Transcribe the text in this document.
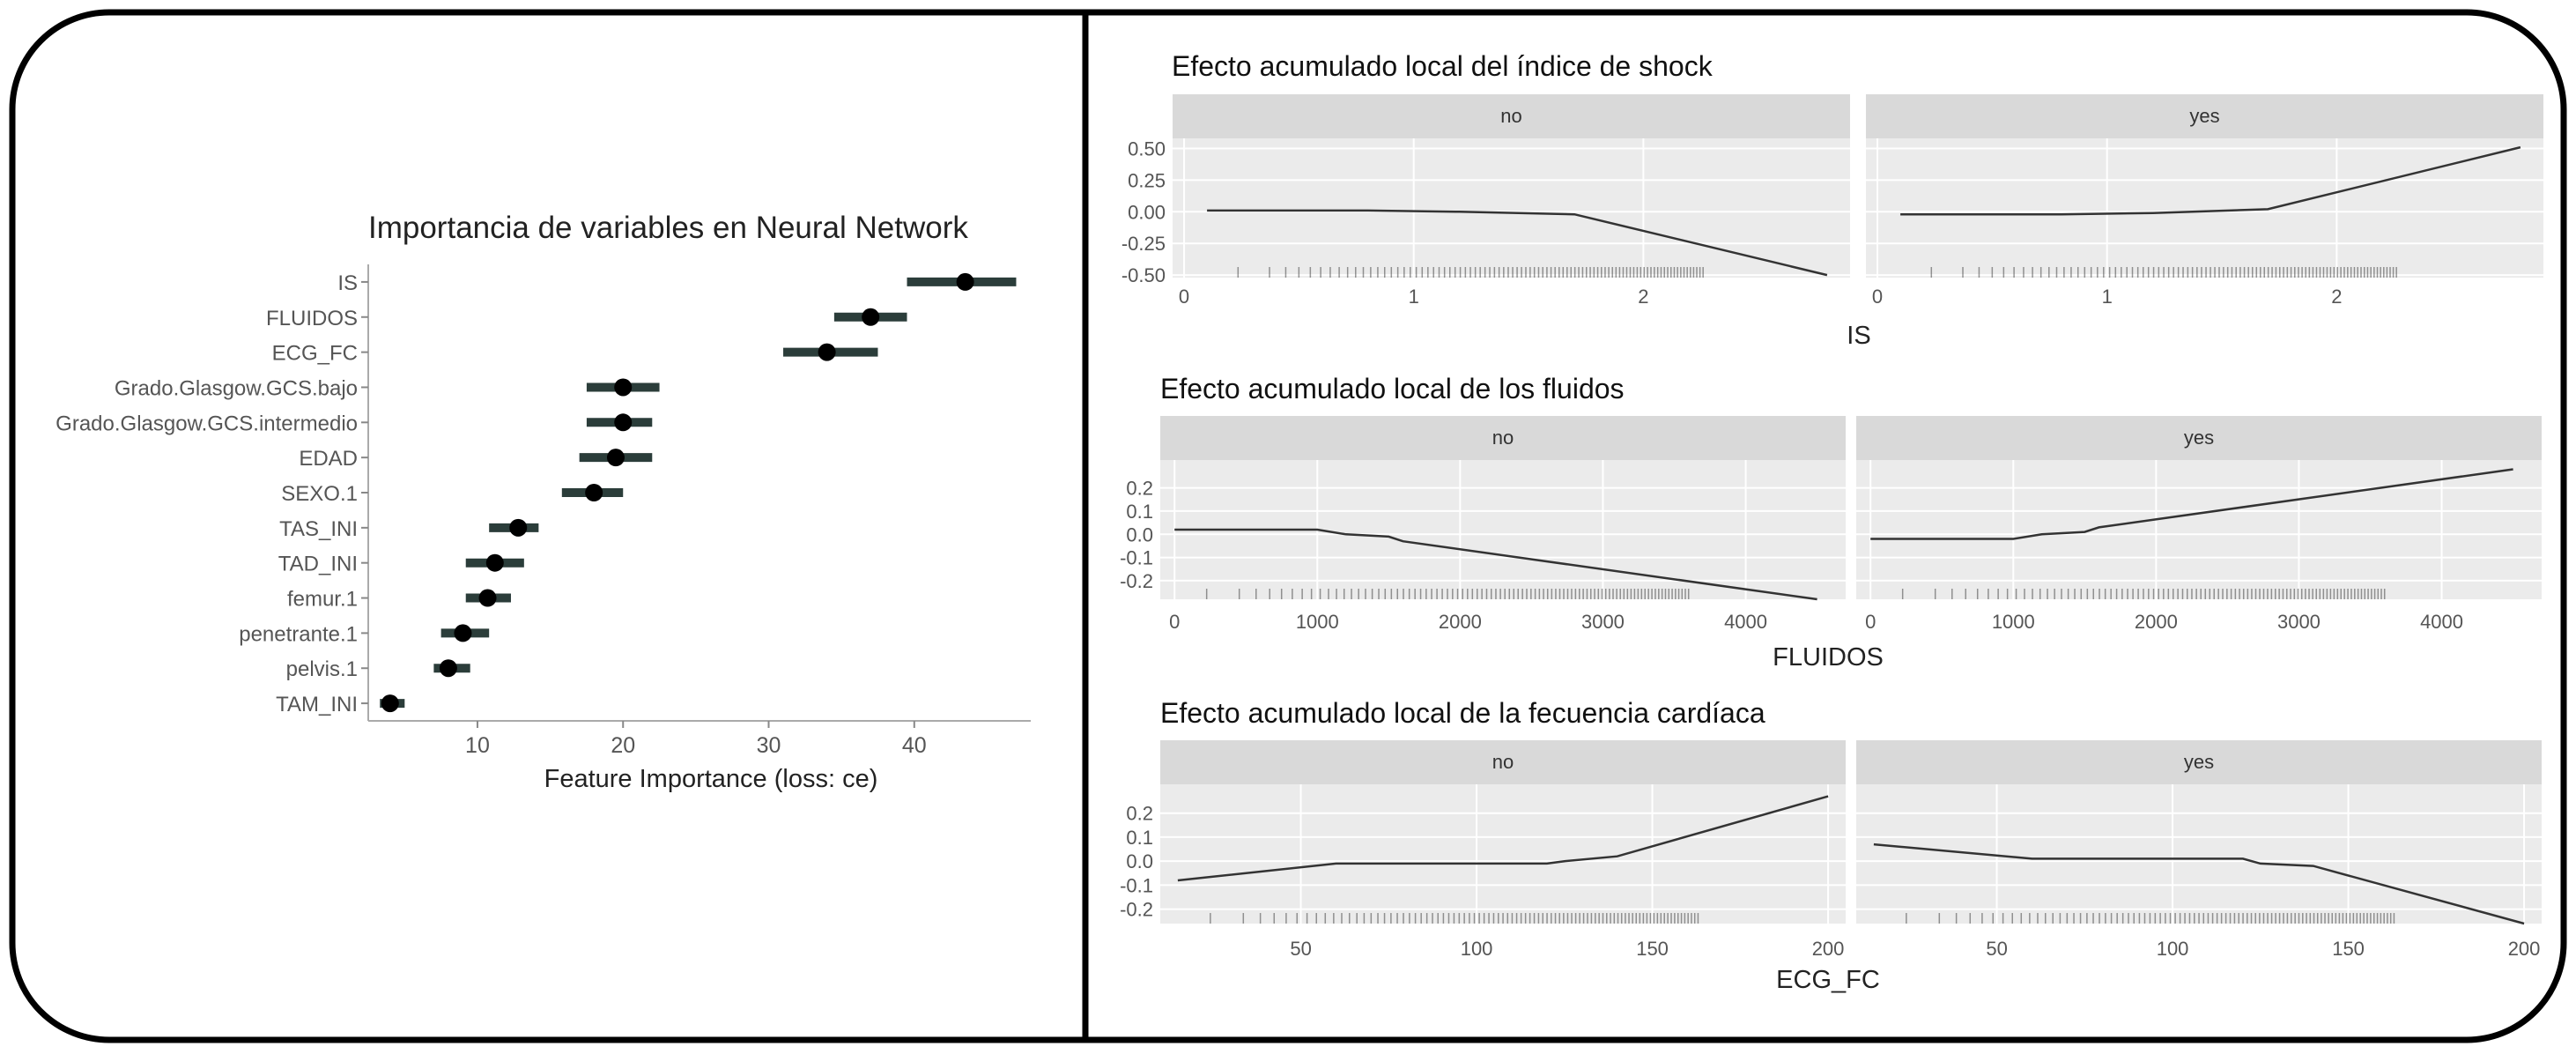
Importancia de variables en Neural Network
10	20	30	40
IS
FLUIDOS
ECG_FC
Grado.Glasgow.GCS.bajo
Grado.Glasgow.GCS.intermedio
EDAD
SEXO.1
TAS_INI
TAD_INI
femur.1
penetrante.1
pelvis.1
TAM_INI
Feature Importance (loss: ce)
Efecto acumulado local del índice de shock
IS
Efecto acumulado local de los fluidos
FLUIDOS
Efecto acumulado local de la fecuencia cardíaca
ECG_FC
no
0	1	2
yes
0	1	2
0.50
0.25
0.00
-0.25
-0.50
no
0	1000	2000	3000	4000
yes
0	1000	2000	3000	4000
0.2
0.1
0.0
-0.1
-0.2
no
50	100	150	200
yes
50	100	150	200
0.2
0.1
0.0
-0.1
-0.2
